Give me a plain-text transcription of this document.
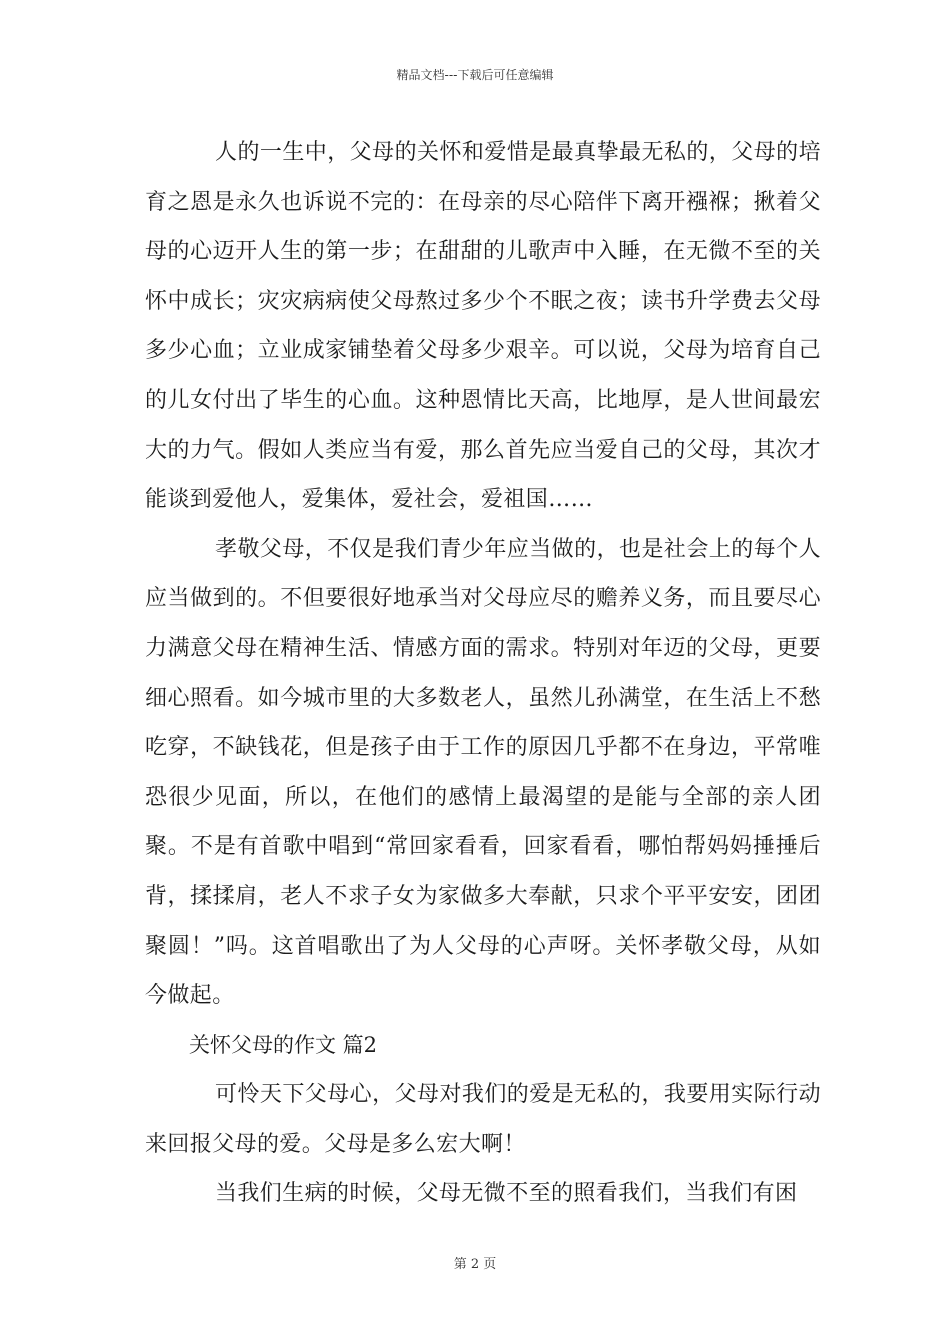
精品文档---下载后可任意编辑

人的一生中，父母的关怀和爱惜是最真挚最无私的，父母的培育之恩是永久也诉说不完的：在母亲的尽心陪伴下离开襁褓；揪着父母的心迈开人生的第一步；在甜甜的儿歌声中入睡，在无微不至的关怀中成长；灾灾病病使父母熬过多少个不眠之夜；读书升学费去父母多少心血；立业成家铺垫着父母多少艰辛。可以说，父母为培育自己的儿女付出了毕生的心血。这种恩情比天高，比地厚，是人世间最宏大的力气。假如人类应当有爱，那么首先应当爱自己的父母，其次才能谈到爱他人，爱集体，爱社会，爱祖国……

孝敬父母，不仅是我们青少年应当做的，也是社会上的每个人应当做到的。不但要很好地承当对父母应尽的赡养义务，而且要尽心力满意父母在精神生活、情感方面的需求。特别对年迈的父母，更要细心照看。如今城市里的大多数老人，虽然儿孙满堂，在生活上不愁吃穿，不缺钱花，但是孩子由于工作的原因几乎都不在身边，平常唯恐很少见面，所以，在他们的感情上最渴望的是能与全部的亲人团聚。不是有首歌中唱到“常回家看看，回家看看，哪怕帮妈妈捶捶后背，揉揉肩，老人不求子女为家做多大奉献，只求个平平安安，团团聚圆！”吗。这首唱歌出了为人父母的心声呀。关怀孝敬父母，从如今做起。

关怀父母的作文 篇2

可怜天下父母心，父母对我们的爱是无私的，我要用实际行动来回报父母的爱。父母是多么宏大啊！

当我们生病的时候，父母无微不至的照看我们，当我们有困

第 2 页
